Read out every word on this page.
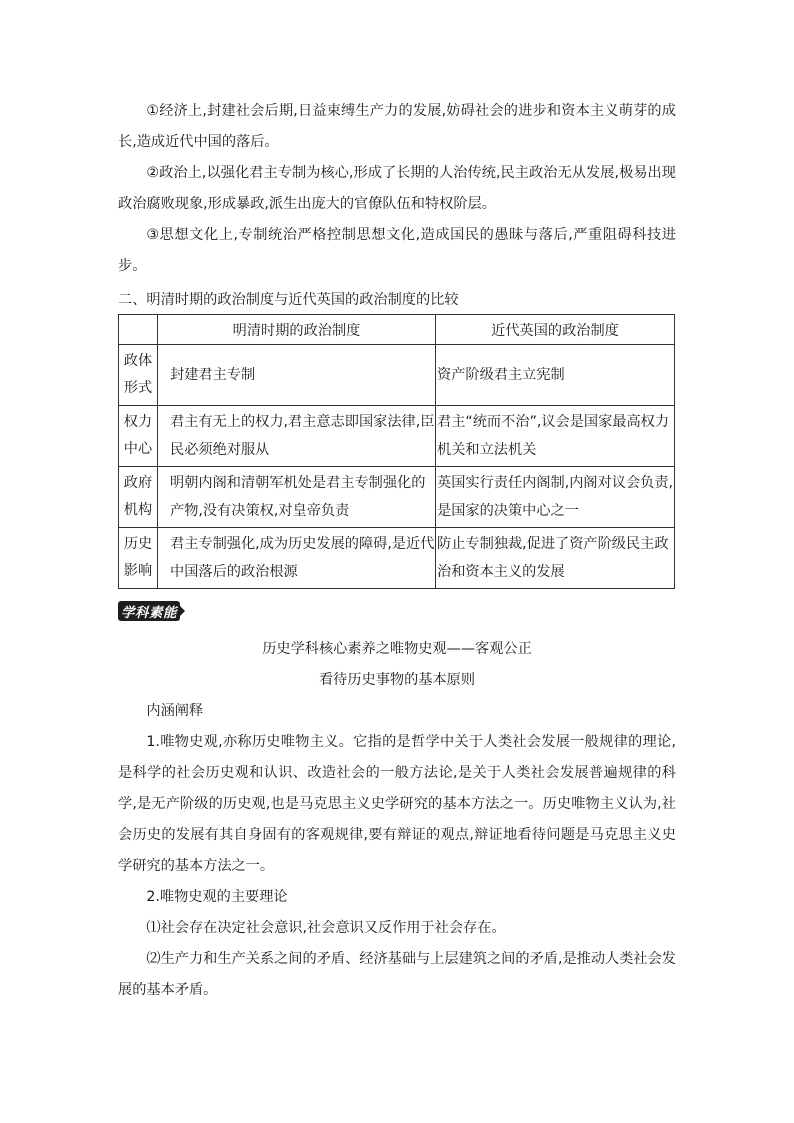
①经济上,封建社会后期,日益束缚生产力的发展,妨碍社会的进步和资本主义萌芽的成长,造成近代中国的落后。

②政治上,以强化君主专制为核心,形成了长期的人治传统,民主政治无从发展,极易出现政治腐败现象,形成暴政,派生出庞大的官僚队伍和特权阶层。

③思想文化上,专制统治严格控制思想文化,造成国民的愚昧与落后,严重阻碍科技进步。

二、明清时期的政治制度与近代英国的政治制度的比较
	明清时期的政治制度	近代英国的政治制度
政体形式	封建君主专制	资产阶级君主立宪制
权力中心	君主有无上的权力,君主意志即国家法律,臣民必须绝对服从	君主“统而不治”,议会是国家最高权力机关和立法机关
政府机构	明朝内阁和清朝军机处是君主专制强化的产物,没有决策权,对皇帝负责	英国实行责任内阁制,内阁对议会负责,是国家的决策中心之一
历史影响	君主专制强化,成为历史发展的障碍,是近代中国落后的政治根源	防止专制独裁,促进了资产阶级民主政治和资本主义的发展
学科素能

历史学科核心素养之唯物史观——客观公正

看待历史事物的基本原则

内涵阐释

1.唯物史观,亦称历史唯物主义。它指的是哲学中关于人类社会发展一般规律的理论,是科学的社会历史观和认识、改造社会的一般方法论,是关于人类社会发展普遍规律的科学,是无产阶级的历史观,也是马克思主义史学研究的基本方法之一。历史唯物主义认为,社会历史的发展有其自身固有的客观规律,要有辩证的观点,辩证地看待问题是马克思主义史学研究的基本方法之一。

2.唯物史观的主要理论

⑴社会存在决定社会意识,社会意识又反作用于社会存在。

⑵生产力和生产关系之间的矛盾、经济基础与上层建筑之间的矛盾,是推动人类社会发展的基本矛盾。
